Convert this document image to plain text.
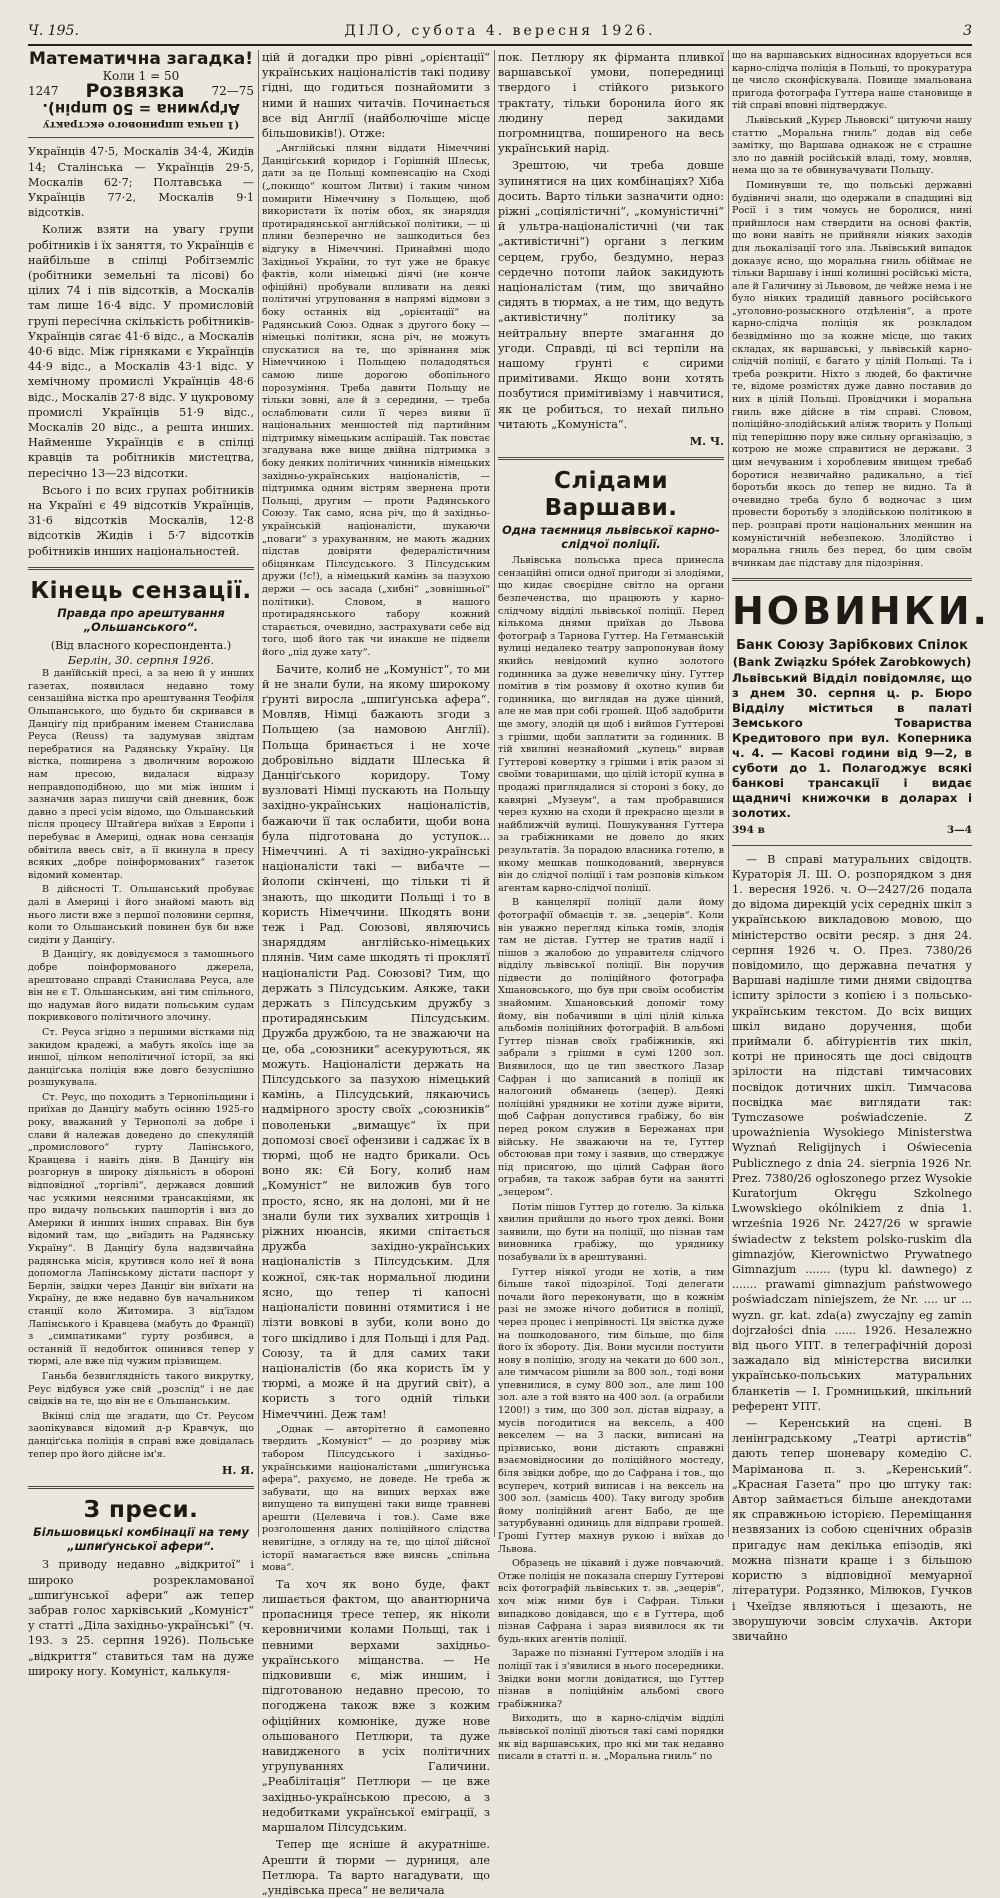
Ч. 195.	ДІЛО, субота 4. вересня 1926.	3
Математична загадка!
Коли 1 = 50
1247 Розвязка 72—75
(1 пачка шпринового екстракту
Аґрумина = 50 шпрін).

Українців 47·5, Москалів 34·4, Жидів 14; Сталінська — Українців 29·5, Москалів 62·7; Полтавська — Українців 77·2, Москалів 9·1 відсотків.

Колиж взяти на увагу групи робітників і їх заняття, то Українців є найбільше в спілці Робітземліс (робітники земельні та лісові) бо цілих 74 і пів відсотків, а Москалів там лише 16·4 відс. У промисловій групі пересічна скількість робітників-Українців сягає 41·6 відс., а Москалів 40·6 відс. Між гірняками є Українців 44·9 відс., а Москалів 43·1 відс. У хемічному промислі Українців 48·6 відс., Москалів 27·8 відс. У цукровому промислі Українців 51·9 відс., Москалів 20 відс., а решта инших. Найменше Українців є в спілці кравців та робітників мистецтва, пересічно 13—23 відсотки.

Всього і по всих групах робітників на Україні є 49 відсотків Українців, 31·6 відсотків Москалів, 12·8 відсотків Жидів і 5·7 відсотків робітників инших національностей.

Кінець сензації.
Правда про арештування „Ольшанського“.
(Від власного кореспондента.)
Берлін, 30. серпня 1926.

В данїйській пресі, а за нею й у инших газетах, появилася недавно тому сензаційна вістка про арештування Теофіля Ольшанського, що будьто би скривався в Данціґу під прибраним іменем Станислава Реуса (Reuss) та задумував звідтам перебратися на Радянську Україну. Ця вістка, поширена з дволичним ворожою нам пресою, видалася відразу неправдоподібною, що ми між іншим і зазначив зараз пишучи свій дневник, бож давно з пресі усім відомо, що Ольшанський після процесу Штайґера виїхав з Европи і перебуває в Америці, однак нова сензація обвітила ввесь світ, а її вкинула в пресу всяких „добре поінформованих“ газеток відомий коментар.

В дійсності Т. Ольшанський пробуває далі в Америці і його знайомі мають від нього листи вже з першої половини серпня, коли то Ольшанський повинен був би вже сидіти у Данціґу.

В Данціґу, як довідуємося з тамошнього добре поінформованого джерела, арештовано справді Станислава Реуса, але він не є Т. Ольшанським, ані тим спільного, що надумав його видати польським судам покривкового політичного злочину.

Ст. Реуса згідно з першими вістками під закидом крадежі, а мабуть якоїсь іще за иншої, цілком неполітичної історії, за які данціґська поліція вже довго безуспішно розшукувала.

Ст. Реус, що походить з Тернопільщини і приїхав до Данціґу мабуть осінню 1925-го року, вважаний у Тернополі за добре і слави й належав доведено до спекуляцій „промислового“ гурту Лапінського, Кравцева і навіть діяв. В Данціґу він розгорнув в широку діяльність в обороні відповідної „торгівлі“, держався довший час усякими неясними трансакціями, як про видачу польських пашпортів і виз до Америки й инших інших справах. Він був відомий там, що „виїздить на Радянську Україну“. В Данціґу була надзвичайна радянська місія, крутився коло неї й вона допомогла Лапінському дістати паспорт у Берлін, звідки через Данціґ він виїхати на Україну, де вже недавно був начальником станції коло Житомира. З від'їздом Лапінського і Кравцева (мабуть до Франції) з „симпатиками“ гурту розбився, а останній її недобиток опинився тепер у тюрмі, але вже під чужим прізвищем.

Ганьба безвиглядність такого викрутку, Реус відбувся уже свій „розслід“ і не дає свідків на те, що він не є Ольшанським.

Вкінці слід ще згадати, що Ст. Реусом заопікувався відомий д-р Кравчук, що данціґська поліція в справі вже довідалась тепер про його дійсне ім'я.

Н. Я.
З преси.
Більшовицькі комбінації на тему „шпиґунської афери“.

З приводу недавно „відкритої“ і широко розрекламованої „шпиґунської афери“ аж тепер забрав голос харківський „Комуніст“ у статті „Діла західньо-українські“ (ч. 193. з 25. серпня 1926). Польське „відкриття“ ставиться там на дуже широку ногу. Комуніст, калькуля-

цій й догадки про рівні „орієнтації“ українських націоналістів такі подиву гідні, що годиться познайомити з ними й наших читачів. Починається все від Англії (найболючіше місце більшовиків!). Отже:

„Англійські пляни віддати Німеччині Данціґський коридор і Горішній Шлеськ, дати за це Польщі компенсацію на Сході („покищо“ коштом Литви) і таким чином помирити Німеччину з Польщею, щоб використати їх потім обох, як знаряддя протирадянської англійської політики, — ці пляни безперечно не зашкодиться без відгуку в Німеччині. Принаймні щодо Західньої України, то тут уже не бракує фактів, коли німецькі діячі (не конче офіційні) пробували впливати на деякі політичні угруповання в напрямі відмови з боку останніх від „орієнтації“ на Радянський Союз. Однак з другого боку — німецькі політики, ясна річ, не можуть спускатися на те, що зрівнання між Німеччиною і Польщею поладодяться самою лише дорогою обопільного порозуміння. Треба давити Польщу не тільки зовні, але й з середини, — треба ослаблювати сили її через вияви її національних меншостей під партийним підтримку німецьким аспірацій. Так повстає згадувана вже вище двійна підтримка з боку деяких політичних чинників німецьких західньо-українських націоналістів, — підтримка одним вістрям звернена проти Польщі, другим — проти Радянського Союзу. Так само, ясна річ, що й західньо-українській націоналісти, шукаючи „поваги“ з урахуванням, не мають жадних підстав довіряти федералістичним обіцянкам Пілсудського. З Пілсудським дружи (!c!), а німецький камінь за пазухою держи — ось засада („хибні“ „зовнішньої“ політики). Словом, в нашого протирадянського табору кожний старається, очевидно, застрахувати себе від того, щоб його так чи инакше не підвели його „під дуже хату“.

Бачите, колиб не „Комуніст“, то ми й не знали були, на якому широкому ґрунті виросла „шпиґунська афера“. Мовляв, Німці бажають згоди з Польщею (за намовою Англії). Польща бринається і не хоче добровільно віддати Шлеська й Данціґського коридору. Тому вузловаті Німці пускають на Польщу західно-українських націоналістів, бажаючи її так ослабити, щоби вона була підготована до уступок... Німеччині. А ті західно-українські націоналісти такі — вибачте — йолопи скінчені, що тільки ті й знають, що шкодити Польщі і то в користь Німеччини. Шкодять вони теж і Рад. Союзові, являючись знаряддям англійсько-німецьких плянів. Чим саме шкодять ті проклятї націоналісти Рад. Союзові? Тим, що держать з Пілсудським. Аякже, таки держать з Пілсудським дружбу з протирадянським Пілсудським. Дружба дружбою, та не зважаючи на це, оба „союзники“ асекуруються, як можуть. Націоналісти держать на Пілсудського за пазухою німецький камінь, а Пілсудський, лякаючись надмірного зросту своїх „союзників“ поволеньки „вимащує“ їх при допомозі своєї офензиви і саджає їх в тюрмі, щоб не надто брикали. Ось воно як: Єй Богу, колиб нам „Комуніст“ не виложив був того просто, ясно, як на долоні, ми й не знали були тих зухвалих хитрощів і ріжних нюансів, якими спітається дружба західно-українських націоналістів з Пілсудським. Для кожної, сяк-так нормальної людини ясно, що тепер ті капосні націоналісти повинні отямитися і не лізти вовкові в зуби, коли воно до того шкідливо і для Польщі і для Рад. Союзу, та й для самих таки націоналістів (бо яка користь їм у тюрмі, а може й на другий світ), а користь з того одній тільки Німеччині. Деж там!

„Однак — авторітетно й самопевно твердить „Комуніст“ — до розриву між табором Пілсудського і західньо-українськими націоналістами „шпиґунська афера“, рахуємо, не доведе. Не треба ж забувати, що на вищих верхах вже випущено та випущені таки вище травневі арешти (Целевича і тов.). Саме вже розголошення даних поліційного слідства невигідне, з огляду на те, що цілої дійсної історії намагається вже вияснь „спільна мова“.

Та хоч як воно буде, факт лишається фактом, що авантюрнича пропасниця тресе тепер, як ніколи керовничими колами Польщі, так і певними верхами західньо-українського міщанства. — Не підковивши є, між иншим, і підготованою недавно пресою, то погоджена також вже з кожим офіційних комюніке, дуже нове ольшованого Петлюри, та дуже навидженого в усіх політичних угрупуваннях Галичини. „Реабілітація“ Петлюри — це вже західньо-українською пресою, а з недобитками української еміграції, з маршалом Пілсудським.

Тепер ще ясніше й акуратніше. Арешти й тюрми — дурниця, але Петлюра. Та варто нагадувати, що „ундівська преса“ не величала

пок. Петлюру як фірманта пливкої варшавської умови, попередниці твердого і стійкого ризького трактату, тільки боронила його як людину перед закидами погромництва, поширеного на весь український нарід.

Зрештою, чи треба довше зупинятися на цих комбінаціях? Хіба досить. Варто тільки зазначити одно: ріжні „соціялістичні“, „комуністичні“ й ультра-націоналістичні (чи так „активістичні“) органи з легким серцем, грубо, бездумно, нераз сердечно потопи лайок закидують націоналістам (тим, що звичайно сидять в тюрмах, а не тим, що ведуть „активістичну“ політику за нейтральну вперте змагання до угоди. Справді, ці всі терпіли на нашому ґрунті є сирими примітивами. Якщо вони хотять позбутися примітивізму і навчитися, як це робиться, то нехай пильно читають „Комуніста“.

М. Ч.
Слідами Варшави.
Одна таємниця львівської карно-слідчої поліції.

Львівська польська преса принесла сензаційні описи одної пригоди зі злодіями, що кидає своєрідне світло на органи безпеченства, що працюють у карно-слідчому відділі львівської поліції. Перед кількома днями приїхав до Львова фотограф з Тарнова Гуттер. На Гетманській вулиці недалеко театру запропонував йому якийсь невідомий купно золотого годинника за дуже невеличку ціну. Гуттер помітив в тім розмову й охотно купив би годинника, що виглядав на дуже цінний, але не мав при собі грошей. Щоб задобрити ще змогу, злодій ця щоб і вийшов Гуттерові з грішми, щоби заплатити за годинник. В тій хвилині незнайомий „купець“ вирвав Гуттерові ковертку з грішми і втік разом зі своїми товаришами, що цілій історії купна в продажі приглядалися зі стороні з боку, до кавярні „Музеум“, а там пробравшися через кухню на сходи й прекрасно щезли в найближчій вулиці. Пошукування Гуттера за грабіжниками не довело до яких результатів. За порадою власника готелю, в якому мешкав пошкодований, звернувся він до слідчої поліції і там розповів кільком агентам карно-слідчої поліції.

В канцелярії поліції дали йому фотографії обмаєців т. зв. „зецерів“. Коли він уважно перегляд кілька томів, злодія там не дістав. Гуттер не тратив надії і пішов з жалобою до управителя слідчого відділу львівської поліції. Він поручив підвести до поліційного фотографа Хшановського, що був при своїм особистім знайомим. Хшановський допоміг тому йому, він побачивши в цілі цілій кілька альбомів поліційних фотографій. В альбомі Гуттер пізнав своїх грабіжників, які забрали з грішми в сумі 1200 зол. Виявилося, що це тип звесткого Лазар Сафран і що записаний в поліції як налогоний обманець (зецер). Деякі поліційні урядники не хотіли дуже вірити, щоб Сафран допустився грабіжу, бо він перед роком служив в Бережанах при війську. Не зважаючи на те, Гуттер обстоював при тому і заявив, що стверджує під присягою, що цілий Сафран його ограбив, та також забрав бути на занятті „зецером“.

Потім пішов Гуттер до готелю. За кілька хвилин прийшли до нього трох деякі. Вони заявили, що бути на поліції, що пізнав там виновника грабіжу, що уряднику позабували їх в арештуванні.

Гуттер ніякої угоди не хотів, а тим більше такої підозрілої. Тоді делегати почали його переконувати, що в кожнім разі не зможе нічого добитися в поліції, через процес і непрівності. Ця звістка дуже на пошкодованого, тим більше, що біля його їх збороту. Дія. Вони мусили постуити нову в поліцію, згоду на чекати до 600 зол., але тимчасом рішили за 800 зол., тоді вони упевнилися, в суму 800 зол., але лиш 100 зол. але з той взято на 400 зол. (а ограбили 1200!) з тим, що 300 зол. дістав відразу, а мусів погодитися на вексель, а 400 векселем — на 3 ласки, виписані на прізвисько, вони дістають справжні взаємовідносини до поліційного мостеду, біля звідки добре, що до Сафрана і тов., що всупереч, котрий виписав і на вексель на 300 зол. (замісць 400). Таку вигоду зробив йому поліційний агент Бабо, де ще затурбуванні одиниць для відправи грошей. Гроші Гуттер махнув рукою і виїхав до Львова.

Образець не цікавий і дуже повчаючий. Отже поліція не показала спершу Гуттерові всіх фотографій львівських т. зв. „зецерів“, хоч між ними був і Сафран. Тільки випадково довідався, що є в Гуттера, щоб пізнав Сафрана і зараз виявилося як ти будь-яких агентів поліції.

Зараже по пізнанні Гуттером злодіїв і на поліції так і з'явилися в нього посередники. Звідки вони могли довідатися, що Гуттер пізнав в поліційнім альбомі свого грабіжника?

Виходить, що в карно-слідчім відділі львівської поліції діються такі самі порядки як від варшавських, про які ми так недавно писали в статті п. н. „Моральна гниль“ по

що на варшавських відносинах вдоруеться вся карно-слідча поліція в Польщі, то прокуратура це число сконфіскувала. Повище змальована пригода фотографа Гуттера наше становище в тій справі вповні підтверджує.

Львівський „Курєр Львовскі“ цитуючи нашу статтю „Моральна гниль“ додав від себе замітку, що Варшава однакож не є страшне зло по давній російській владі, тому, мовляв, нема що за те обвинувачувати Польщу.

Поминувши те, що польські державні будівничі знали, що одержали в спадщині від Росії і з тим чомусь не боролися, нині прийшлося нам ствердити на основі фактів, що вони навіть не прийняли ніяких заходів для льокалізації того зла. Львівський випадок доказує ясно, що моральна гниль обіймає не тільки Варшаву і інші колишні російські міста, але й Галичину зі Львовом, де чейже нема і не було ніяких традицій давнього російського „уголовно-розыскного отдѣленія“, а проте карно-слідча поліція як розкладом безвідмінно що за кожне місце, що таких складах, як варшавські, у львівській карно-слідчій поліції, є багато у цілій Польщі. Та і треба розкрити. Ніхто з людей, бо фактичне те, відоме розмістях дуже давно поставив до них в цілій Польщі. Провідчики і моральна гниль вже дійсне в тім справі. Словом, поліційно-злодійський аліяж творить у Польщі під теперішню пору вже сильну організацію, з котрою не може справитися не держави. З цим нечуваним і хороблевим явищем требаб боротися незвичайно радикально, а тієї боротьби якось до тепер не видно. Та й очевидно треба було б водночас з цим провести боротьбу з злодійською політикою в пер. розправі проти національних меншин на комуністичній небезпекою. Злодійство і моральна гниль без перед, бо цим своїм вчинкам дає підставу для підозріння.

НОВИНКИ.
Банк Союзу Зарібкових Спілок
(Bank Związku Spółek Zarobkowych)

Львівський Відділ повідомляє, що з днем 30. серпня ц. р. Бюро Відділу міститься в палаті Земського Товариства Кредитового при вул. Коперника ч. 4. — Касові години від 9—2, в суботи до 1. Полагоджує всякі банкові трансакції і видає щадничі книжочки в доларах і золотих.

394 в	3—4

— В справі матуральних свідоцтв. Кураторія Л. Ш. О. розпорядком з дня 1. вересня 1926. ч. О—2427/26 подала до відома дирекцій усіх середніх шкіл з українською викладовою мовою, що міністерство освіти ресяр. з дня 24. серпня 1926 ч. О. През. 7380/26 повідомило, що державна печатня у Варшаві надішле тими днями свідоцтва іспиту зрілости з копією і з польсько-українським текстом. До всіх вищих шкіл видано доручення, щоби приймали б. абітурієнтів тих шкіл, котрі не приносять ще досі свідоцтв зрілости на підставі тимчасових посвідок дотичних шкіл. Тимчасова посвідка має виглядати так: Tymczasowe poświadczenie. Z upoważnienia Wysokiego Ministerstwa Wyznań Religijnych i Oświecenia Publicznego z dnia 24. sierpnia 1926 Nr. Prez. 7380/26 ogłoszonego przez Wysokie Kuratorjum Okręgu Szkolnego Lwowskiego okólnikiem z dnia 1. września 1926 Nr. 2427/26 w sprawie świadectw z tekstem polsko-ruskim dla gimnazjów, Kierownictwo Prywatnego Gimnazjum ....... (typu kl. dawnego) z ....... prawami gimnazjum państwowego poświadczam niniejszem, że Nr. .... ur ... wyzn. gr. kat. zda(a) zwyczajny eg zamin dojrzałości dnia ...... 1926. Незалежно від цього УПТ. в телеграфічній дорозі зажадало від міністерства висилки українсько-польських матуральних бланкетів — І. Громницький, шкільний референт УПТ.

— Керенський на сцені. В ленінградському „Театрі артистів“ дають тепер шоневару комедію С. Маріманова п. з. „Керенський“. „Красная Газета“ про цю штуку так: Автор займається більше анекдотами як справжньою історією. Переміщання незвязаних із собою сценічних образів пригадує нам декілька епізодів, які можна пізнати краще і з більшою користю з відповідної мемуарної літератури. Родзянко, Мілюков, Гучков і Чхеїдзе являються і щезають, не зворушуючи зовсім слухачів. Актори звичайно
